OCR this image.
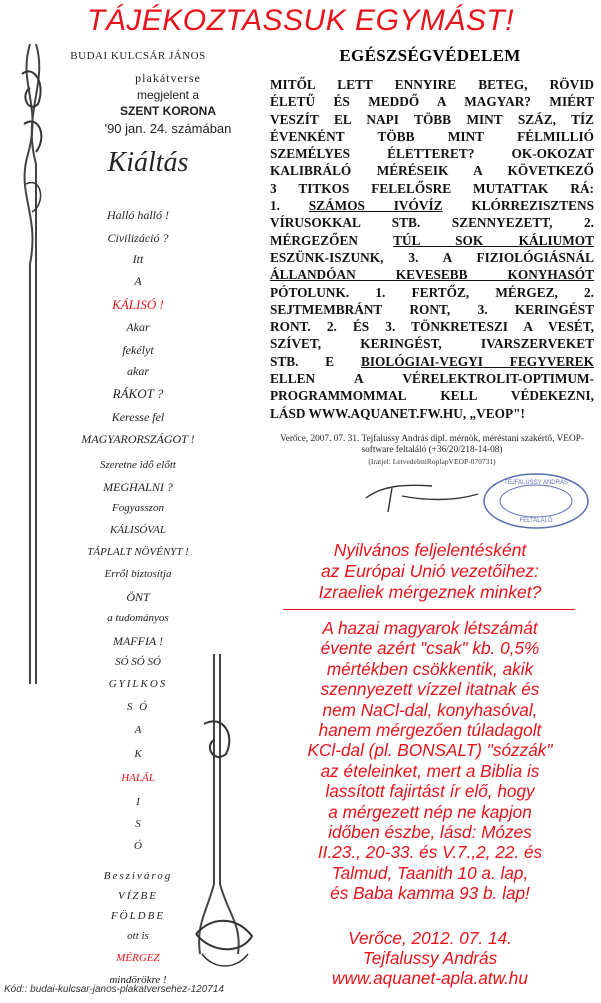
TÁJÉKOZTASSUK EGYMÁST!
BUDAI KULCSÁR JÁNOS
plakátverse
megjelent a
SZENT KORONA
'90 jan. 24. számában
Kiáltás
Halló halló !
Civilizáció ?
Itt
A
KÁLISÓ !
Akar
fekélyt
akar
RÁKOT ?
Keresse fel
MAGYARORSZÁGOT !
Szeretne idő előtt
MEGHALNI ?
Fogyasszon
KÁLISÓVAL
TÁPLALT NÖVÉNYT !
Erről biztosítja
ÖNT
a tudományos
MAFFIA !
SÓ SÓ SÓ
GYILKOS
S Ó
A
K
HALÁL
I
S
Ó
Beszivárog
VÍZBE
FÖLDBE
ott is
MÉRGEZ
mindörökre !
Kód:: budai-kulcsar-janos-plakatversehez-120714
EGÉSZSÉGVÉDELEM
MITŐL LETT ENNYIRE BETEG, RÖVID
ÉLETŰ ÉS MEDDŐ A MAGYAR? MIÉRT
VESZÍT EL NAPI TÖBB MINT SZÁZ, TÍZ
ÉVENKÉNT TÖBB MINT FÉLMILLIÓ
SZEMÉLYES ÉLETTERET? OK-OKOZAT
KALIBRÁLÓ MÉRÉSEIK A KÖVETKEZŐ
3 TITKOS FELELŐSRE MUTATTAK RÁ:
1. SZÁMOS IVÓVÍZ KLÓRREZISZTENS
VÍRUSOKKAL STB. SZENNYEZETT, 2.
MÉRGEZŐEN TÚL SOK KÁLIUMOT
ESZÜNK-ISZUNK, 3. A FIZIOLÓGIÁSNÁL
ÁLLANDÓAN KEVESEBB KONYHASÓT
PÓTOLUNK. 1. FERTŐZ, MÉRGEZ, 2.
SEJTMEMBRÁNT RONT, 3. KERINGÉST
RONT. 2. ÉS 3. TÖNKRETESZI A VESÉT,
SZÍVET, KERINGÉST, IVARSZERVEKET
STB. E BIOLÓGIAI-VEGYI FEGYVEREK
ELLEN A VÉRELEKTROLIT-OPTIMUM-
PROGRAMMOMMAL KELL VÉDEKEZNI,
LÁSD WWW.AQUANET.FW.HU, „VEOP"!
Verőce, 2007. 07. 31. Tejfalussy András dipl. mérnök, méréstani szakértő, VEOP-software feltaláló (+36/20/218-14-08)
(Iratjel: LetvedelmiRoplapVEOP-070731)
TEJFALUSSY ANDRÁS
FELTALÁLÓ
Nyilvános feljelentésként
az Európai Unió vezetőihez:
Izraeliek mérgeznek minket?
A hazai magyarok létszámát
évente azért "csak" kb. 0,5%
mértékben csökkentik, akik
szennyezett vízzel itatnak és
nem NaCl-dal, konyhasóval,
hanem mérgezően túladagolt
KCl-dal (pl. BONSALT) "sózzák"
az ételeinket, mert a Biblia is
lassított fajirtást ír elő, hogy
a mérgezett nép ne kapjon
időben észbe, lásd: Mózes
II.23., 20-33. és V.7.,2, 22. és
Talmud, Taanith 10 a. lap,
és Baba kamma 93 b. lap!
Verőce, 2012. 07. 14.
Tejfalussy András
www.aquanet-apla.atw.hu
